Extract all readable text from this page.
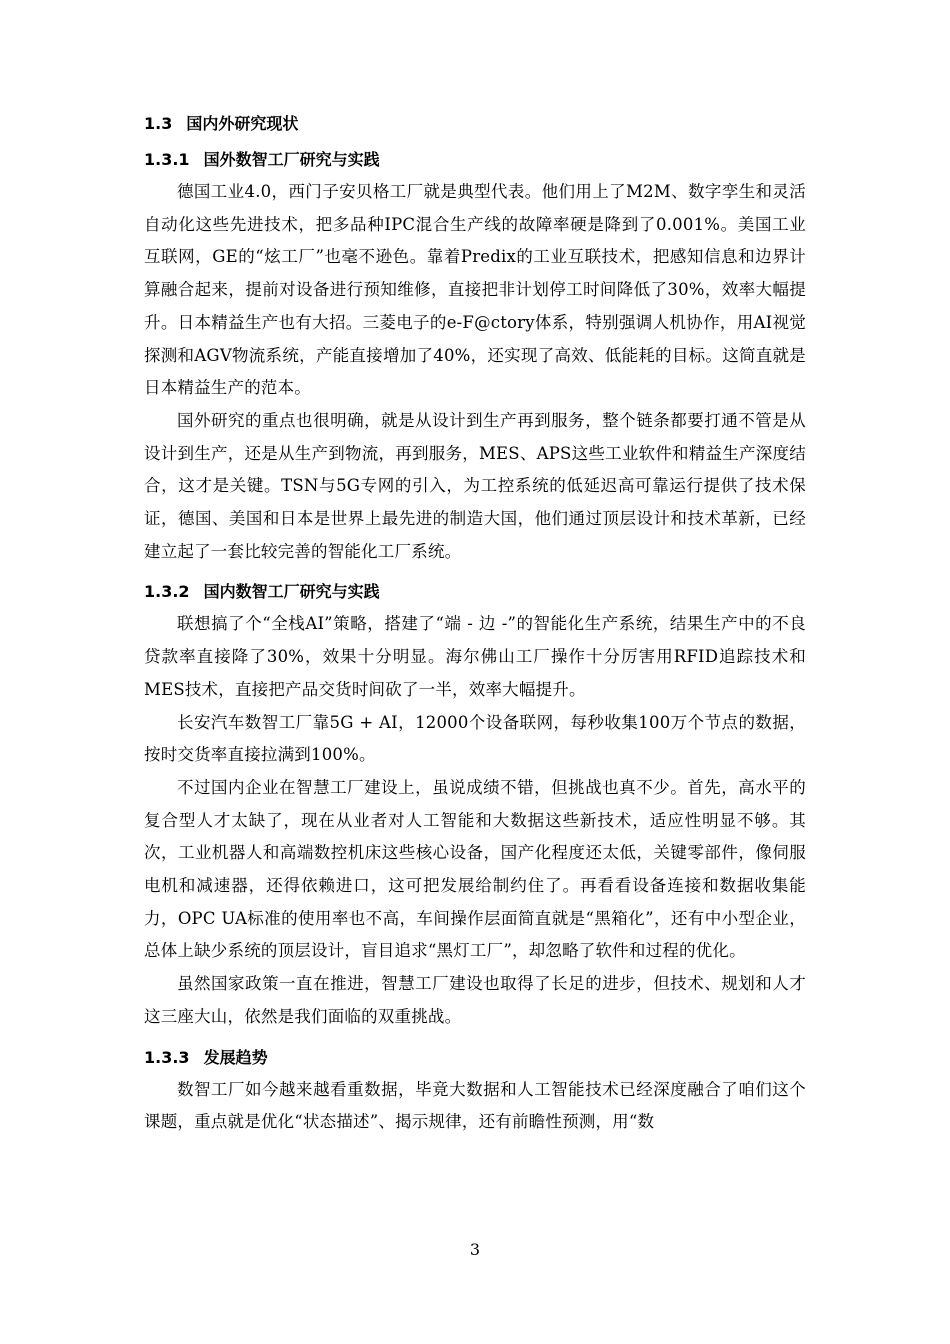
1.3 国内外研究现状
1.3.1 国外数智工厂研究与实践

德国工业4.0，西门子安贝格工厂就是典型代表。他们用上了M2M、数字孪生和灵活自动化这些先进技术，把多品种IPC混合生产线的故障率硬是降到了0.001%。美国工业互联网，GE的“炫工厂”也毫不逊色。靠着Predix的工业互联技术，把感知信息和边界计算融合起来，提前对设备进行预知维修，直接把非计划停工时间降低了30%，效率大幅提升。日本精益生产也有大招。三菱电子的e-F@ctory体系，特别强调人机协作，用AI视觉探测和AGV物流系统，产能直接增加了40%，还实现了高效、低能耗的目标。这简直就是日本精益生产的范本。

国外研究的重点也很明确，就是从设计到生产再到服务，整个链条都要打通不管是从设计到生产，还是从生产到物流，再到服务，MES、APS这些工业软件和精益生产深度结合，这才是关键。TSN与5G专网的引入，为工控系统的低延迟高可靠运行提供了技术保证，德国、美国和日本是世界上最先进的制造大国，他们通过顶层设计和技术革新，已经建立起了一套比较完善的智能化工厂系统。

1.3.2 国内数智工厂研究与实践

联想搞了个“全栈AI”策略，搭建了“端 - 边 -”的智能化生产系统，结果生产中的不良贷款率直接降了30%，效果十分明显。海尔佛山工厂操作十分厉害用RFID追踪技术和MES技术，直接把产品交货时间砍了一半，效率大幅提升。

长安汽车数智工厂靠5G + AI，12000个设备联网，每秒收集100万个节点的数据，按时交货率直接拉满到100%。

不过国内企业在智慧工厂建设上，虽说成绩不错，但挑战也真不少。首先，高水平的复合型人才太缺了，现在从业者对人工智能和大数据这些新技术，适应性明显不够。其次，工业机器人和高端数控机床这些核心设备，国产化程度还太低，关键零部件，像伺服电机和减速器，还得依赖进口，这可把发展给制约住了。再看看设备连接和数据收集能力，OPC UA标准的使用率也不高，车间操作层面简直就是“黑箱化”，还有中小型企业，总体上缺少系统的顶层设计，盲目追求“黑灯工厂”，却忽略了软件和过程的优化。

虽然国家政策一直在推进，智慧工厂建设也取得了长足的进步，但技术、规划和人才这三座大山，依然是我们面临的双重挑战。

1.3.3 发展趋势

数智工厂如今越来越看重数据，毕竟大数据和人工智能技术已经深度融合了咱们这个课题，重点就是优化“状态描述”、揭示规律，还有前瞻性预测，用“数

3
